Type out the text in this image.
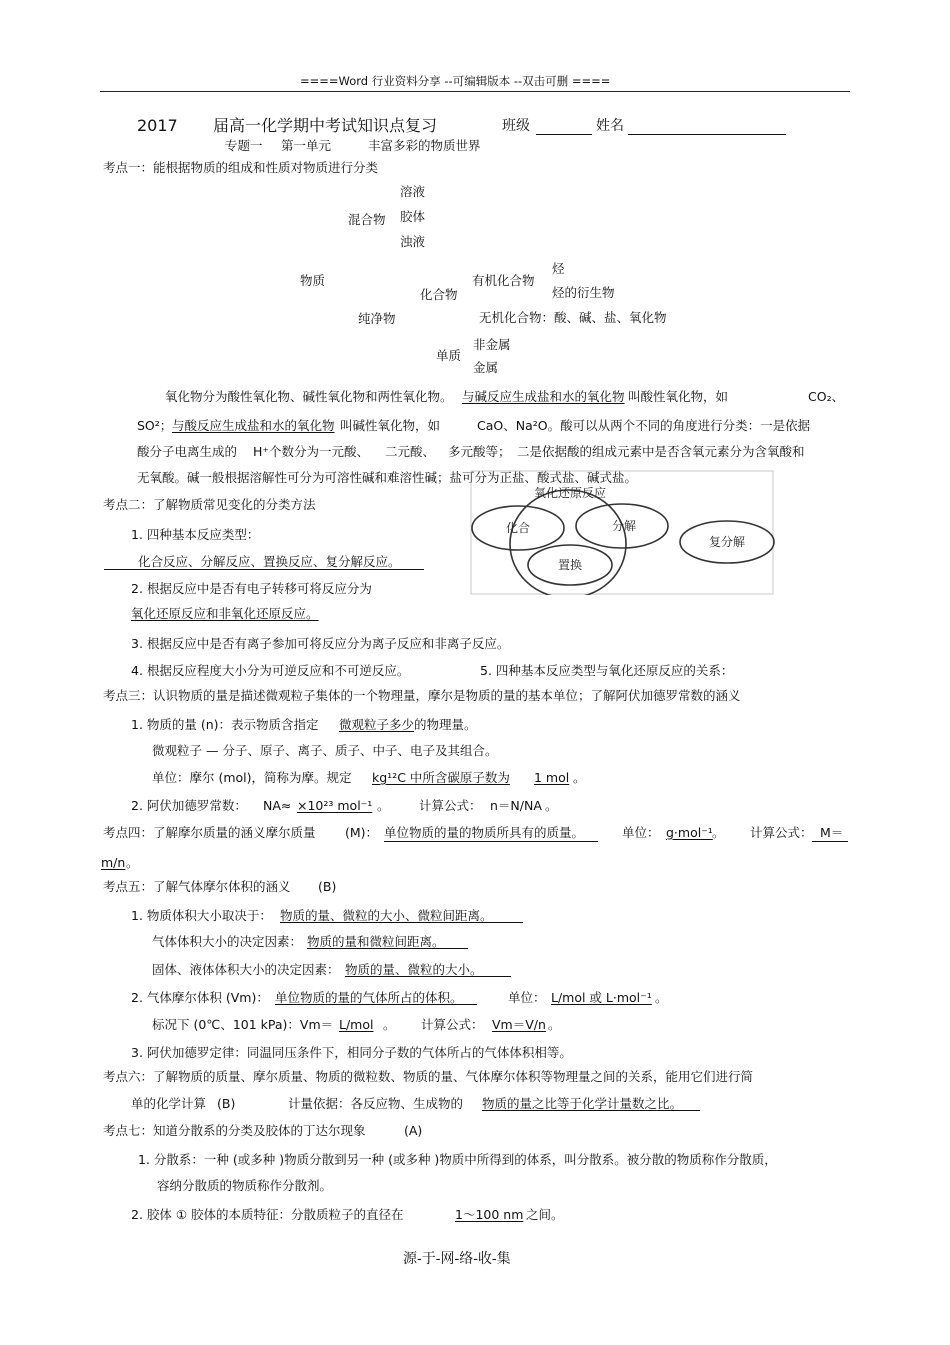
====Word 行业资料分享 --可编辑版本 --双击可删 ====
2017 届高一化学期中考试知识点复习	班级	姓名
专题一 第一单元	丰富多彩的物质世界
考点一：能根据物质的组成和性质对物质进行分类
溶液
混合物 胶体
浊液
烃
物质	有机化合物
烃的衍生物
化合物
纯净物	无机化合物：酸、碱、盐、氧化物
非金属
单质
金属
氧化物分为酸性氧化物、碱性氧化物和两性氧化物。 与碱反应生成盐和水的氧化物 叫酸性氧化物，如	CO₂、
SO²； 与酸反应生成盐和水的氧化物 叫碱性氧化物，如	CaO、Na²O。酸可以从两个不同的角度进行分类：一是依据
酸分子电离生成的 H⁺个数分为一元酸、 二元酸、 多元酸等； 二是依据酸的组成元素中是否含氧元素分为含氧酸和
无氧酸。碱一般根据溶解性可分为可溶性碱和难溶性碱；盐可分为正盐、酸式盐、碱式盐。
考点二：了解物质常见变化的分类方法
1. 四种基本反应类型：
化合反应、分解反应、置换反应、复分解反应。
2. 根据反应中是否有电子转移可将反应分为
氧化还原反应和非氧化还原反应。
3. 根据反应中是否有离子参加可将反应分为离子反应和非离子反应。
4. 根据反应程度大小分为可逆反应和不可逆反应。	5. 四种基本反应类型与氧化还原反应的关系：
氧化还原反应
化合	分解
置换
复分解
考点三：认识物质的量是描述微观粒子集体的一个物理量，摩尔是物质的量的基本单位；了解阿伏加德罗常数的涵义
1. 物质的量 (n)：表示物质含指定 微观粒子多少 的物理量。
微观粒子 — 分子、原子、离子、质子、中子、电子及其组合。
单位：摩尔 (mol)，简称为摩。规定 kg¹²C 中所含碳原子数为 1 mol 。
2. 阿伏加德罗常数： NA≈ ×10²³ mol⁻¹ 。 计算公式： n＝N/NA 。
考点四：了解摩尔质量的涵义摩尔质量 (M)： 单位物质的量的物质所具有的质量。	单位： g·mol⁻¹ 。 计算公式： M＝
m/n 。
考点五：了解气体摩尔体积的涵义 (B)
1. 物质体积大小取决于： 物质的量、微粒的大小、微粒间距离。
气体体积大小的决定因素： 物质的量和微粒间距离。
固体、液体体积大小的决定因素： 物质的量、微粒的大小。
2. 气体摩尔体积 (Vm)： 单位物质的量的气体所占的体积。	单位： L/mol 或 L·mol⁻¹ 。
标况下 (0℃、101 kPa)：Vm＝ L/mol 。 计算公式： Vm＝V/n 。
3. 阿伏加德罗定律：同温同压条件下，相同分子数的气体所占的气体体积相等。
考点六：了解物质的质量、摩尔质量、物质的微粒数、物质的量、气体摩尔体积等物理量之间的关系，能用它们进行简
单的化学计算 (B)	计量依据：各反应物、生成物的 物质的量之比等于化学计量数之比。
考点七：知道分散系的分类及胶体的丁达尔现象	(A)
1. 分散系：一种 (或多种 )物质分散到另一种 (或多种 )物质中所得到的体系，叫分散系。被分散的物质称作分散质，
容纳分散质的物质称作分散剂。
2. 胶体 ① 胶体的本质特征：分散质粒子的直径在	1～100 nm 之间。
源-于-网-络-收-集
